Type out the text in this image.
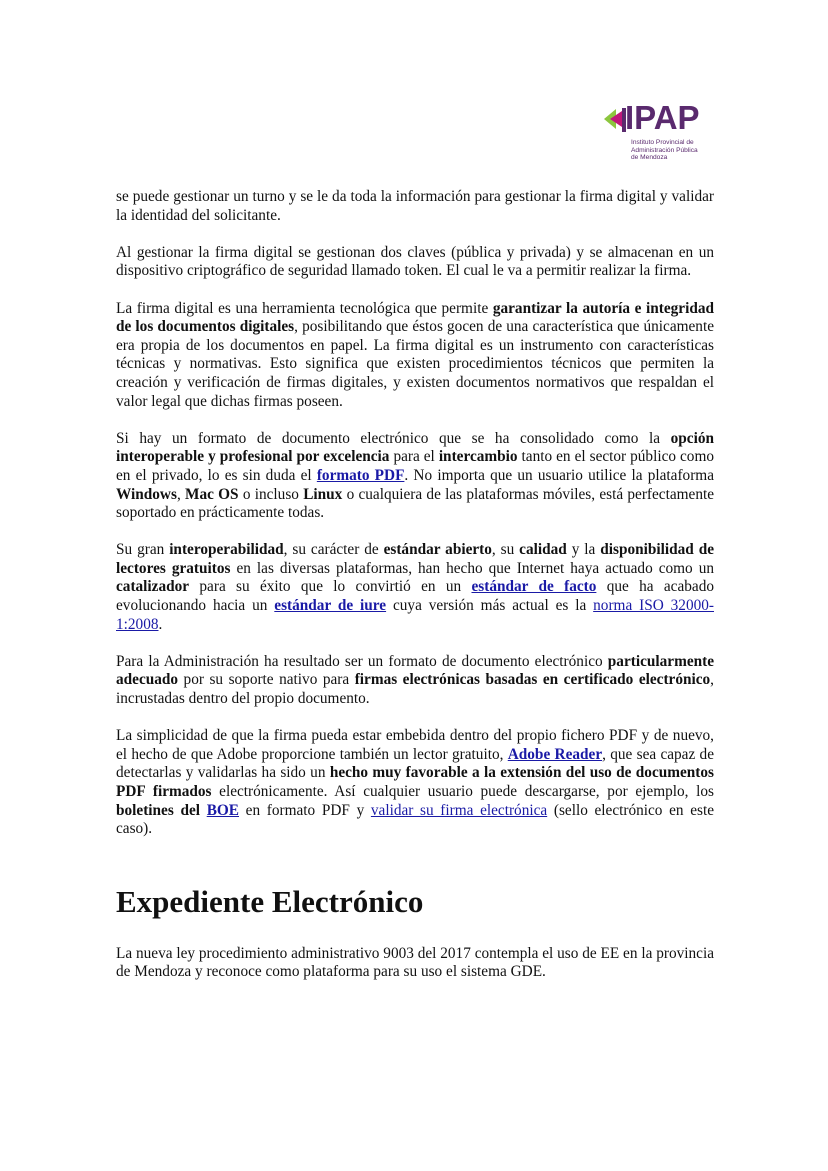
IPAP
Instituto Provincial de
Administración Pública
de Mendoza

se puede gestionar un turno y se le da toda la información para gestionar la firma digital y validar la identidad del solicitante.

Al gestionar la firma digital se gestionan dos claves (pública y privada) y se almacenan en un dispositivo criptográfico de seguridad llamado token. El cual le va a permitir realizar la firma.

La firma digital es una herramienta tecnológica que permite garantizar la autoría e integridad de los documentos digitales, posibilitando que éstos gocen de una característica que únicamente era propia de los documentos en papel. La firma digital es un instrumento con características técnicas y normativas. Esto significa que existen procedimientos técnicos que permiten la creación y verificación de firmas digitales, y existen documentos normativos que respaldan el valor legal que dichas firmas poseen.

Si hay un formato de documento electrónico que se ha consolidado como la opción interoperable y profesional por excelencia para el intercambio tanto en el sector público como en el privado, lo es sin duda el formato PDF. No importa que un usuario utilice la plataforma Windows, Mac OS o incluso Linux o cualquiera de las plataformas móviles, está perfectamente soportado en prácticamente todas.

Su gran interoperabilidad, su carácter de estándar abierto, su calidad y la disponibilidad de lectores gratuitos en las diversas plataformas, han hecho que Internet haya actuado como un catalizador para su éxito que lo convirtió en un estándar de facto que ha acabado evolucionando hacia un estándar de iure cuya versión más actual es la norma ISO 32000-1:2008.

Para la Administración ha resultado ser un formato de documento electrónico particularmente adecuado por su soporte nativo para firmas electrónicas basadas en certificado electrónico, incrustadas dentro del propio documento.

La simplicidad de que la firma pueda estar embebida dentro del propio fichero PDF y de nuevo, el hecho de que Adobe proporcione también un lector gratuito, Adobe Reader, que sea capaz de detectarlas y validarlas ha sido un hecho muy favorable a la extensión del uso de documentos PDF firmados electrónicamente. Así cualquier usuario puede descargarse, por ejemplo, los boletines del BOE en formato PDF y validar su firma electrónica (sello electrónico en este caso).

Expediente Electrónico

La nueva ley procedimiento administrativo 9003 del 2017 contempla el uso de EE en la provincia de Mendoza y reconoce como plataforma para su uso el sistema GDE.
